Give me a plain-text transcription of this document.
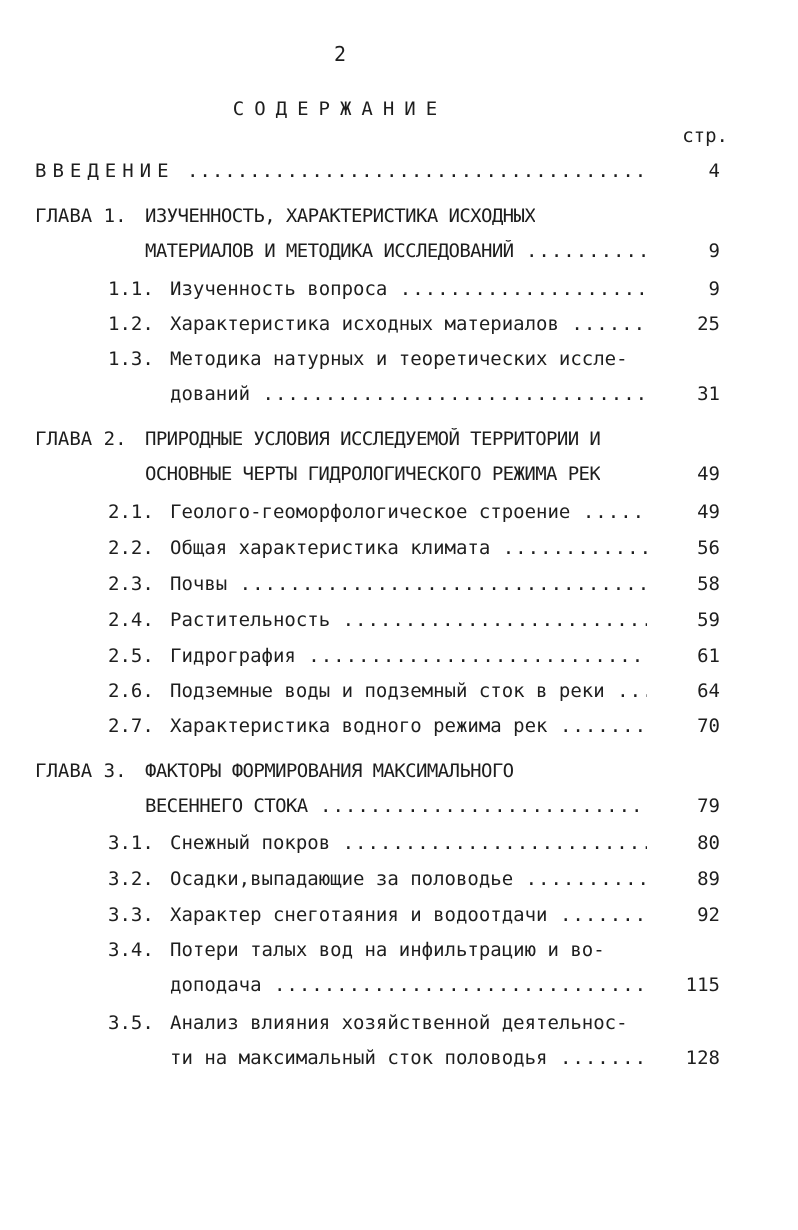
2
СОДЕРЖАНИЕ
стр.
ВВЕДЕНИЕ .....	4
ГЛАВА 1. ИЗУЧЕННОСТЬ, ХАРАКТЕРИСТИКА ИСХОДНЫХ
МАТЕРИАЛОВ И МЕТОДИКА ИССЛЕДОВАНИЙ .....	9
1.1. Изученность вопроса .....	9
1.2. Характеристика исходных материалов .....	25
1.3. Методика натурных и теоретических иссле-
дований .....	31
ГЛАВА 2. ПРИРОДНЫЕ УСЛОВИЯ ИССЛЕДУЕМОЙ ТЕРРИТОРИИ И
ОСНОВНЫЕ ЧЕРТЫ ГИДРОЛОГИЧЕСКОГО РЕЖИМА РЕК	49
2.1. Геолого-геоморфологическое строение .....	49
2.2. Общая характеристика климата .....	56
2.3. Почвы .....	58
2.4. Растительность .....	59
2.5. Гидрография .....	61
2.6. Подземные воды и подземный сток в реки .....	64
2.7. Характеристика водного режима рек .....	70
ГЛАВА 3. ФАКТОРЫ ФОРМИРОВАНИЯ МАКСИМАЛЬНОГО
ВЕСЕННЕГО СТОКА .....	79
3.1. Снежный покров .....	80
3.2. Осадки,выпадающие за половодье .....	89
3.3. Характер снеготаяния и водоотдачи .....	92
3.4. Потери талых вод на инфильтрацию и во-
доподача .....	115
3.5. Анализ влияния хозяйственной деятельнос-
ти на максимальный сток половодья .....	128
